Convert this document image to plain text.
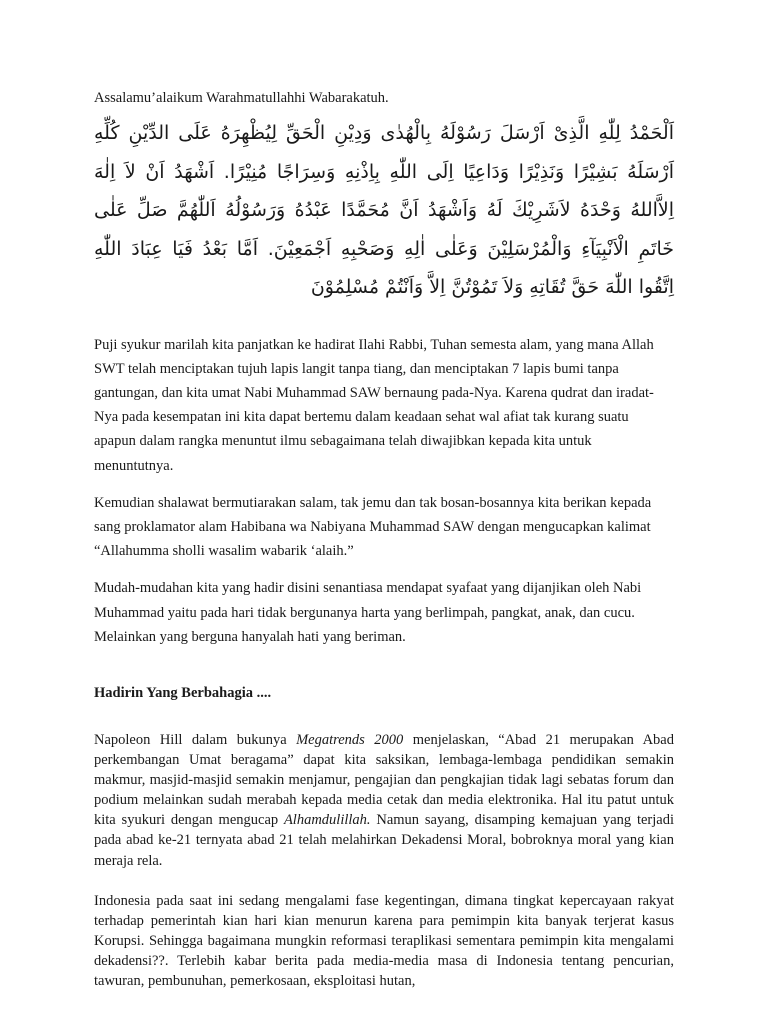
Assalamu’alaikum Warahmatullahhi Wabarakatuh.

اَلْحَمْدُ لِلّٰهِ الَّذِىْ اَرْسَلَ رَسُوْلَهُ بِالْهُدٰى وَدِيْنِ الْحَقِّ لِيُظْهِرَهُ عَلَى الدِّيْنِ كُلِّهِ اَرْسَلَهُ بَشِيْرًا وَنَذِيْرًا وَدَاعِيًا اِلَى اللّٰهِ بِاِذْنِهِ وَسِرَاجًا مُنِيْرًا. اَشْهَدُ اَنْ لاَ اِلٰهَ اِلاَّاللهُ وَحْدَهُ لاَشَرِيْكَ لَهُ وَاَشْهَدُ اَنَّ مُحَمَّدًا عَبْدُهُ وَرَسُوْلُهُ اَللّٰهُمَّ صَلِّ عَلٰى خَاتَمِ الْاَنْبِيَآءِ وَالْمُرْسَلِيْنَ وَعَلٰى اٰلِهِ وَصَحْبِهِ اَجْمَعِيْنَ. اَمَّا بَعْدُ فَيَا عِبَادَ اللّٰهِ اِتَّقُوا اللّٰهَ حَقَّ تُقَاتِهِ وَلاَ تَمُوْتُنَّ اِلاَّ وَاَنْتُمْ مُسْلِمُوْنَ

Puji syukur marilah kita panjatkan ke hadirat Ilahi Rabbi, Tuhan semesta alam, yang mana Allah SWT telah menciptakan tujuh lapis langit tanpa tiang, dan menciptakan 7 lapis bumi tanpa gantungan, dan kita umat Nabi Muhammad SAW bernaung pada-Nya. Karena qudrat dan iradat-Nya pada kesempatan ini kita dapat bertemu dalam keadaan sehat wal afiat tak kurang suatu apapun dalam rangka menuntut ilmu sebagaimana telah diwajibkan kepada kita untuk menuntutnya.

Kemudian shalawat bermutiarakan salam, tak jemu dan tak bosan-bosannya kita berikan kepada sang proklamator alam Habibana wa Nabiyana Muhammad SAW dengan mengucapkan kalimat “Allahumma sholli wasalim wabarik ‘alaih.”

Mudah-mudahan kita yang hadir disini senantiasa mendapat syafaat yang dijanjikan oleh Nabi Muhammad yaitu pada hari tidak bergunanya harta yang berlimpah, pangkat, anak, dan cucu. Melainkan yang berguna hanyalah hati yang beriman.

Hadirin Yang Berbahagia ....

Napoleon Hill dalam bukunya Megatrends 2000 menjelaskan, “Abad 21 merupakan Abad perkembangan Umat beragama” dapat kita saksikan, lembaga-lembaga pendidikan semakin makmur, masjid-masjid semakin menjamur, pengajian dan pengkajian tidak lagi sebatas forum dan podium melainkan sudah merabah kepada media cetak dan media elektronika. Hal itu patut untuk kita syukuri dengan mengucap Alhamdulillah. Namun sayang, disamping kemajuan yang terjadi pada abad ke-21 ternyata abad 21 telah melahirkan Dekadensi Moral, bobroknya moral yang kian meraja rela.

Indonesia pada saat ini sedang mengalami fase kegentingan, dimana tingkat kepercayaan rakyat terhadap pemerintah kian hari kian menurun karena para pemimpin kita banyak terjerat kasus Korupsi. Sehingga bagaimana mungkin reformasi teraplikasi sementara pemimpin kita mengalami dekadensi??. Terlebih kabar berita pada media-media masa di Indonesia tentang pencurian, tawuran, pembunuhan, pemerkosaan, eksploitasi hutan,
